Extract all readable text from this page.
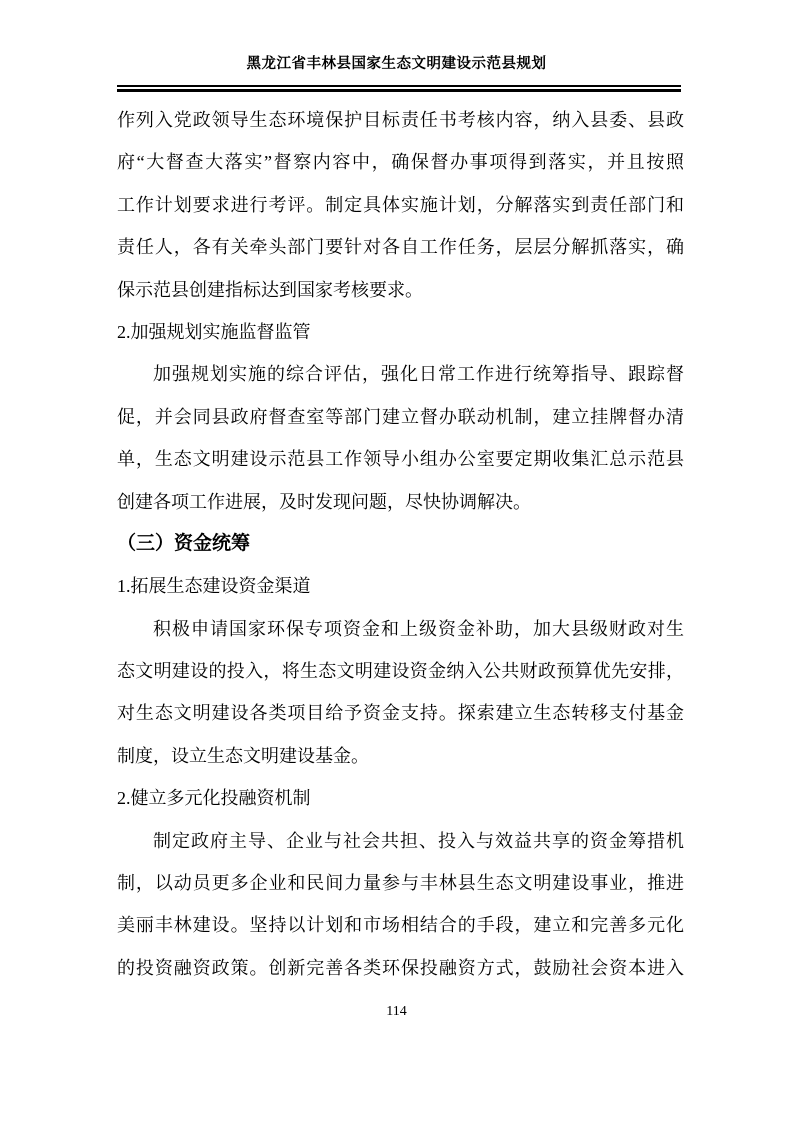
黑龙江省丰林县国家生态文明建设示范县规划
作列入党政领导生态环境保护目标责任书考核内容，纳入县委、县政
府“大督查大落实”督察内容中，确保督办事项得到落实，并且按照
工作计划要求进行考评。制定具体实施计划，分解落实到责任部门和
责任人，各有关牵头部门要针对各自工作任务，层层分解抓落实，确
保示范县创建指标达到国家考核要求。
2.加强规划实施监督监管
加强规划实施的综合评估，强化日常工作进行统筹指导、跟踪督
促，并会同县政府督查室等部门建立督办联动机制，建立挂牌督办清
单，生态文明建设示范县工作领导小组办公室要定期收集汇总示范县
创建各项工作进展，及时发现问题，尽快协调解决。
（三）资金统筹
1.拓展生态建设资金渠道
积极申请国家环保专项资金和上级资金补助，加大县级财政对生
态文明建设的投入，将生态文明建设资金纳入公共财政预算优先安排，
对生态文明建设各类项目给予资金支持。探索建立生态转移支付基金
制度，设立生态文明建设基金。
2.健立多元化投融资机制
制定政府主导、企业与社会共担、投入与效益共享的资金筹措机
制，以动员更多企业和民间力量参与丰林县生态文明建设事业，推进
美丽丰林建设。坚持以计划和市场相结合的手段，建立和完善多元化
的投资融资政策。创新完善各类环保投融资方式，鼓励社会资本进入
114
